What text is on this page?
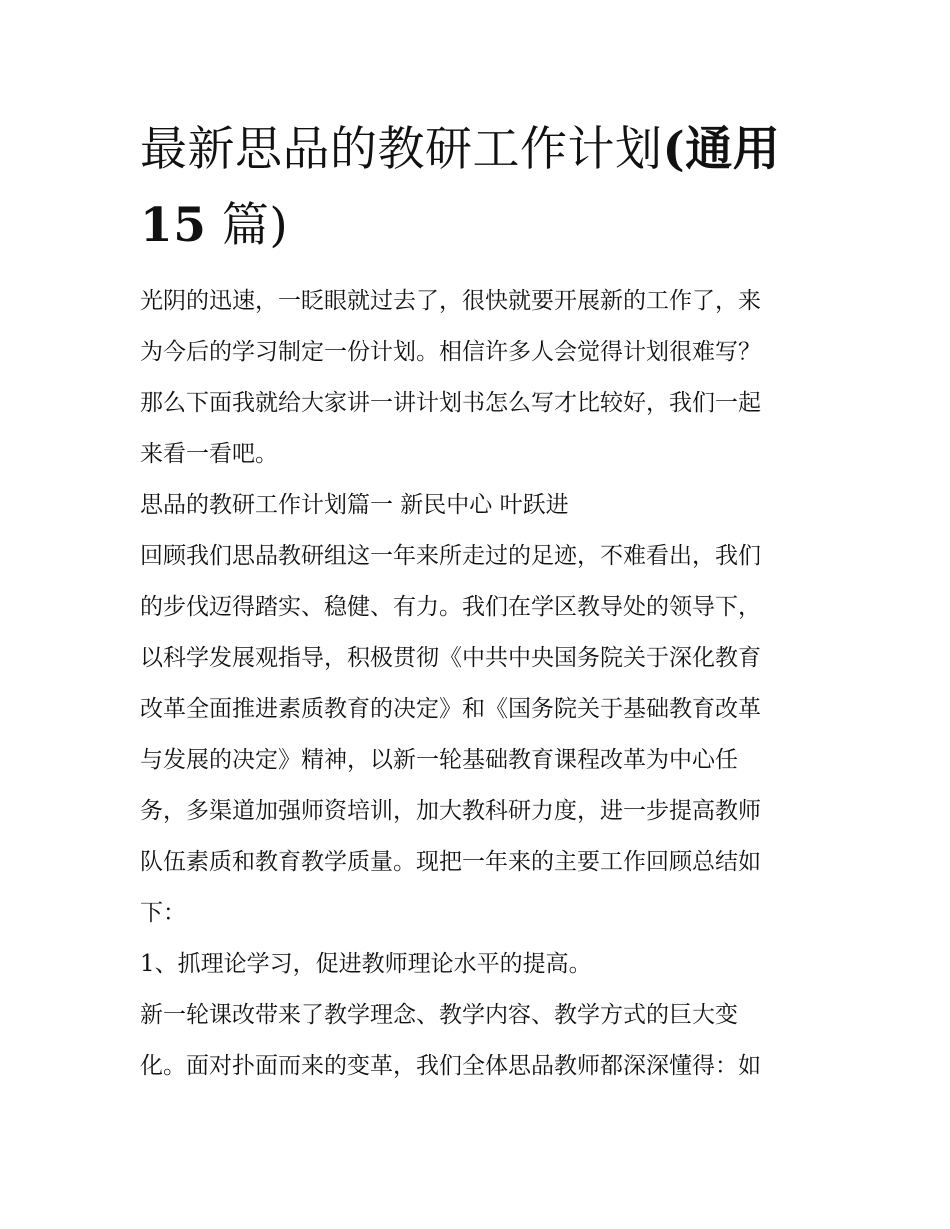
最新思品的教研工作计划(通用
15 篇)
光阴的迅速，一眨眼就过去了，很快就要开展新的工作了，来
为今后的学习制定一份计划。相信许多人会觉得计划很难写？
那么下面我就给大家讲一讲计划书怎么写才比较好，我们一起
来看一看吧。
思品的教研工作计划篇一 新民中心 叶跃进
回顾我们思品教研组这一年来所走过的足迹，不难看出，我们
的步伐迈得踏实、稳健、有力。我们在学区教导处的领导下，
以科学发展观指导，积极贯彻《中共中央国务院关于深化教育
改革全面推进素质教育的决定》和《国务院关于基础教育改革
与发展的决定》精神，以新一轮基础教育课程改革为中心任
务，多渠道加强师资培训，加大教科研力度，进一步提高教师
队伍素质和教育教学质量。现把一年来的主要工作回顾总结如
下：
1、抓理论学习，促进教师理论水平的提高。
新一轮课改带来了教学理念、教学内容、教学方式的巨大变
化。面对扑面而来的变革，我们全体思品教师都深深懂得：如
